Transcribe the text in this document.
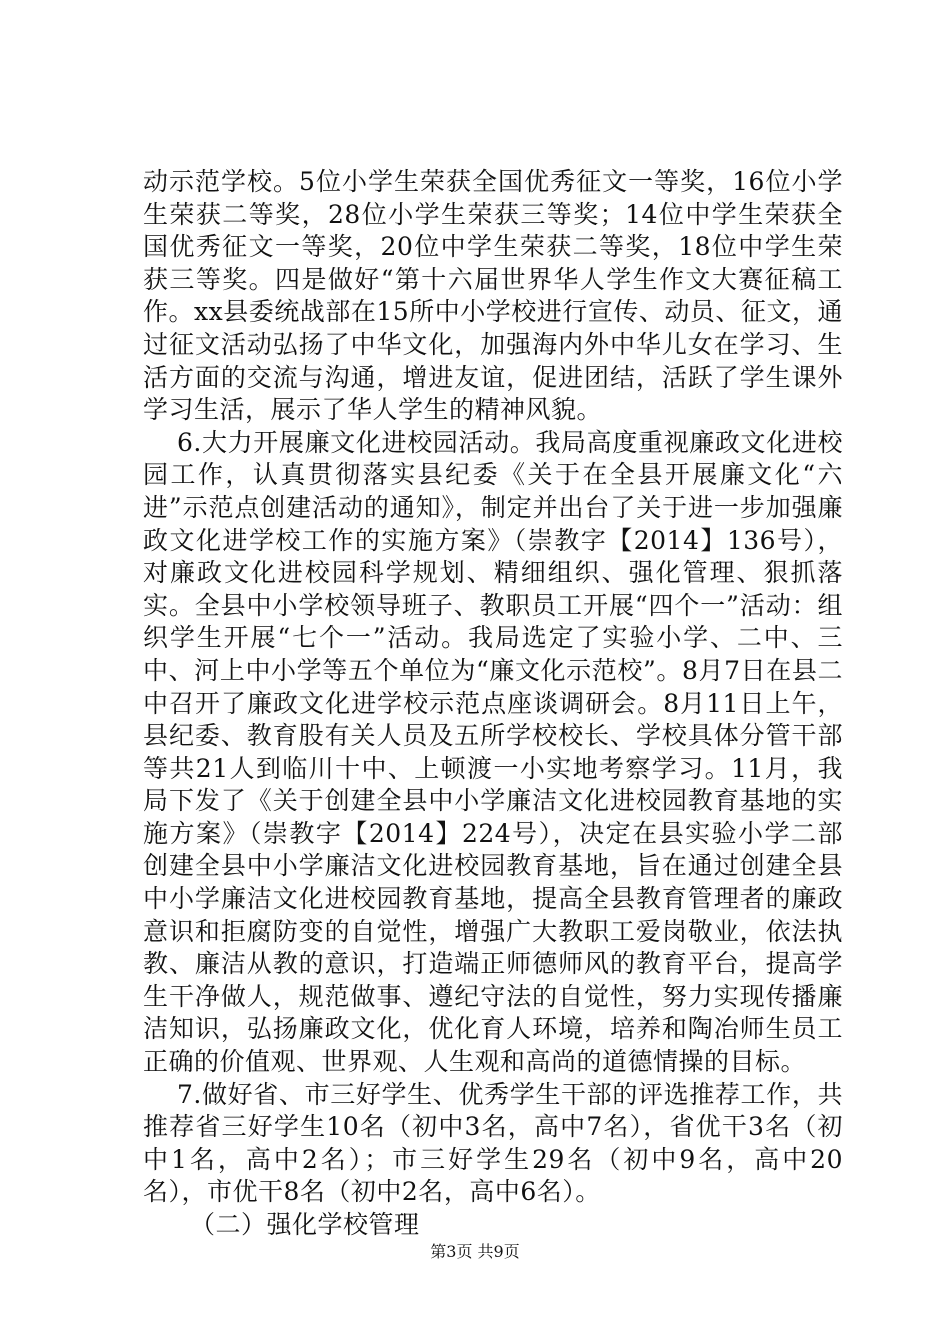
动示范学校。5位小学生荣获全国优秀征文一等奖，16位小学生荣获二等奖，28位小学生荣获三等奖；14位中学生荣获全国优秀征文一等奖，20位中学生荣获二等奖，18位中学生荣获三等奖。四是做好“第十六届世界华人学生作文大赛征稿工作。xx县委统战部在15所中小学校进行宣传、动员、征文，通过征文活动弘扬了中华文化，加强海内外中华儿女在学习、生活方面的交流与沟通，增进友谊，促进团结，活跃了学生课外学习生活，展示了华人学生的精神风貌。

6.大力开展廉文化进校园活动。我局高度重视廉政文化进校园工作，认真贯彻落实县纪委《关于在全县开展廉文化“六进”示范点创建活动的通知》，制定并出台了关于进一步加强廉政文化进学校工作的实施方案》（崇教字【2014】136号），对廉政文化进校园科学规划、精细组织、强化管理、狠抓落实。全县中小学校领导班子、教职员工开展“四个一”活动：组织学生开展“七个一”活动。我局选定了实验小学、二中、三中、河上中小学等五个单位为“廉文化示范校”。8月7日在县二中召开了廉政文化进学校示范点座谈调研会。8月11日上午，县纪委、教育股有关人员及五所学校校长、学校具体分管干部等共21人到临川十中、上顿渡一小实地考察学习。11月，我局下发了《关于创建全县中小学廉洁文化进校园教育基地的实施方案》（崇教字【2014】224号），决定在县实验小学二部创建全县中小学廉洁文化进校园教育基地，旨在通过创建全县中小学廉洁文化进校园教育基地，提高全县教育管理者的廉政意识和拒腐防变的自觉性，增强广大教职工爱岗敬业，依法执教、廉洁从教的意识，打造端正师德师风的教育平台，提高学生干净做人，规范做事、遵纪守法的自觉性，努力实现传播廉洁知识，弘扬廉政文化，优化育人环境，培养和陶冶师生员工正确的价值观、世界观、人生观和高尚的道德情操的目标。

7.做好省、市三好学生、优秀学生干部的评选推荐工作，共推荐省三好学生10名（初中3名，高中7名），省优干3名（初中1名，高中2名）；市三好学生29名（初中9名，高中20名），市优干8名（初中2名，高中6名）。

（二）强化学校管理

第3页 共9页
